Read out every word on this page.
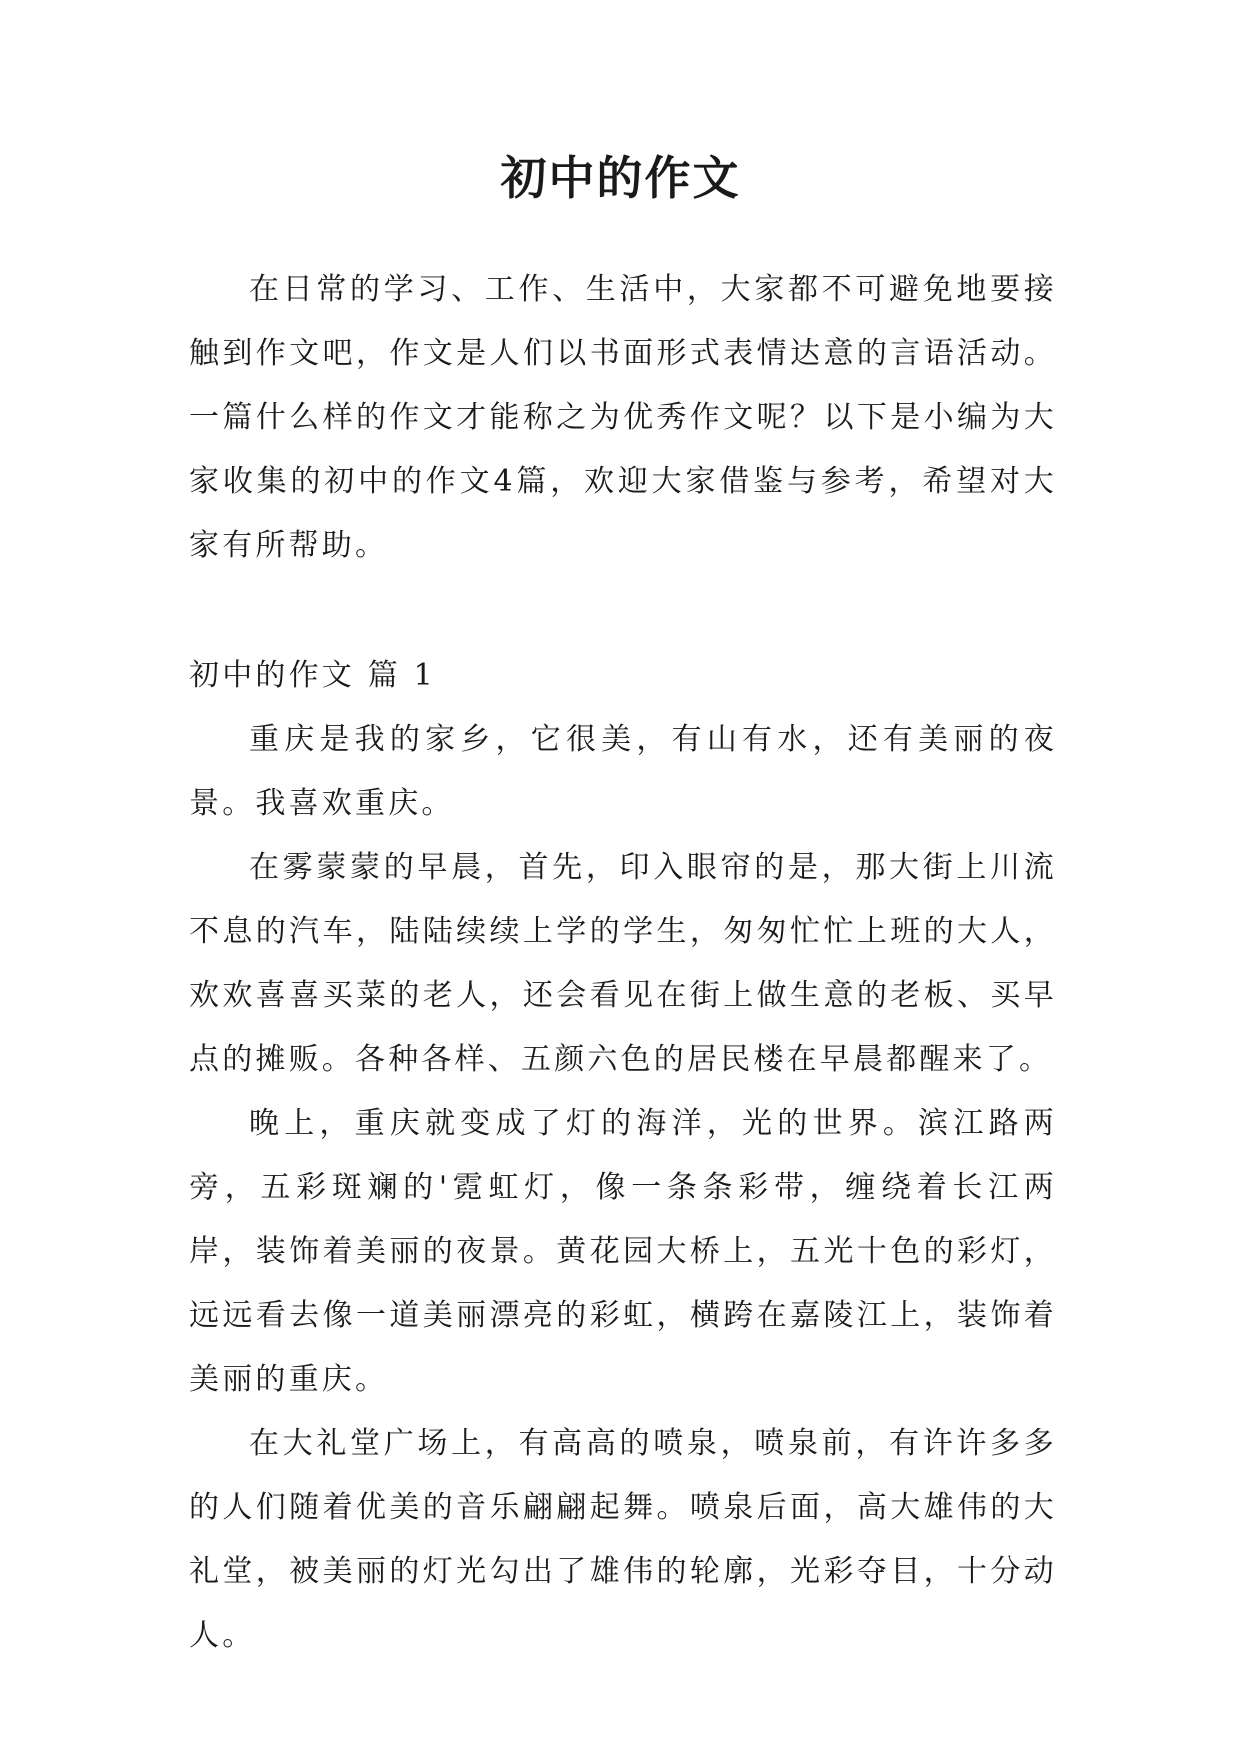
初中的作文

在日常的学习、工作、生活中，大家都不可避免地要接触到作文吧，作文是人们以书面形式表情达意的言语活动。一篇什么样的作文才能称之为优秀作文呢？以下是小编为大家收集的初中的作文4篇，欢迎大家借鉴与参考，希望对大家有所帮助。

初中的作文 篇 1

重庆是我的家乡，它很美，有山有水，还有美丽的夜景。我喜欢重庆。

在雾蒙蒙的早晨，首先，印入眼帘的是，那大街上川流不息的汽车，陆陆续续上学的学生，匆匆忙忙上班的大人，欢欢喜喜买菜的老人，还会看见在街上做生意的老板、买早点的摊贩。各种各样、五颜六色的居民楼在早晨都醒来了。

晚上，重庆就变成了灯的海洋，光的世界。滨江路两旁，五彩斑斓的'霓虹灯，像一条条彩带，缠绕着长江两岸，装饰着美丽的夜景。黄花园大桥上，五光十色的彩灯，远远看去像一道美丽漂亮的彩虹，横跨在嘉陵江上，装饰着美丽的重庆。

在大礼堂广场上，有高高的喷泉，喷泉前，有许许多多的人们随着优美的音乐翩翩起舞。喷泉后面，高大雄伟的大礼堂，被美丽的灯光勾出了雄伟的轮廓，光彩夺目，十分动人。
